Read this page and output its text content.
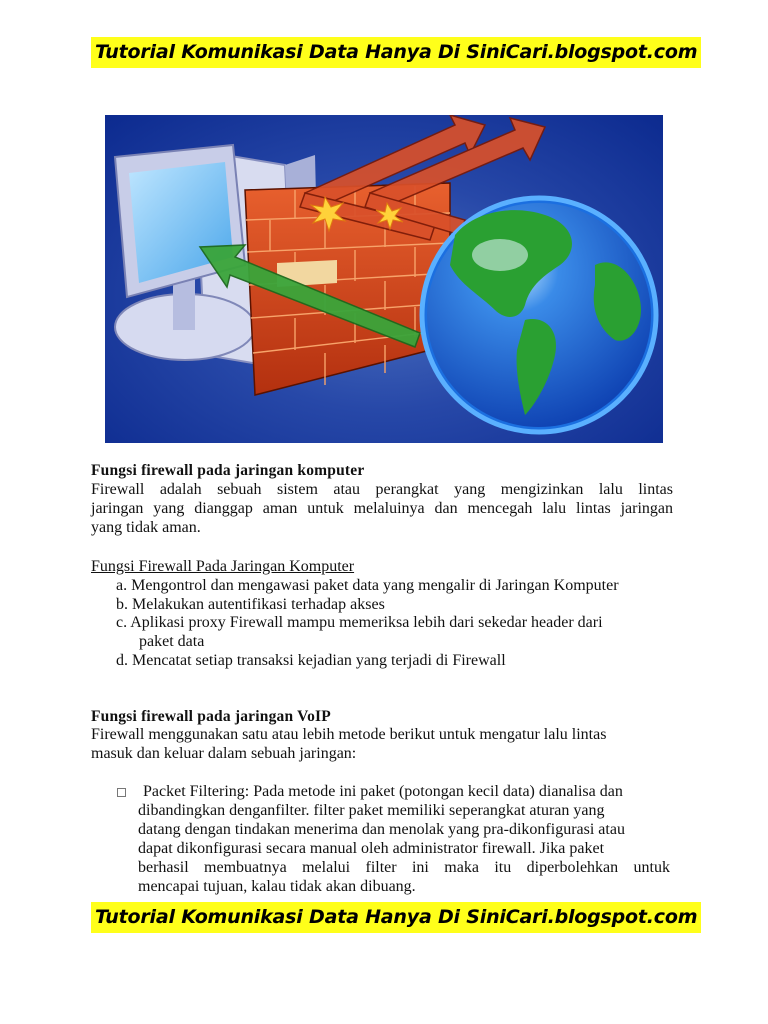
Tutorial Komunikasi Data Hanya Di SiniCari.blogspot.com
Fungsi firewall pada jaringan komputer
Firewall adalah sebuah sistem atau perangkat yang mengizinkan lalu lintas
jaringan yang dianggap aman untuk melaluinya dan mencegah lalu lintas jaringan
yang tidak aman.
Fungsi Firewall Pada Jaringan Komputer
a. Mengontrol dan mengawasi paket data yang mengalir di Jaringan Komputer
b. Melakukan autentifikasi terhadap akses
c. Aplikasi proxy Firewall mampu memeriksa lebih dari sekedar header dari
paket data
d. Mencatat setiap transaksi kejadian yang terjadi di Firewall
Fungsi firewall pada jaringan VoIP
Firewall menggunakan satu atau lebih metode berikut untuk mengatur lalu lintas
masuk dan keluar dalam sebuah jaringan:
Packet Filtering: Pada metode ini paket (potongan kecil data) dianalisa dan
dibandingkan denganfilter. filter paket memiliki seperangkat aturan yang
datang dengan tindakan menerima dan menolak yang pra-dikonfigurasi atau
dapat dikonfigurasi secara manual oleh administrator firewall. Jika paket
berhasil membuatnya melalui filter ini maka itu diperbolehkan untuk
mencapai tujuan, kalau tidak akan dibuang.
Tutorial Komunikasi Data Hanya Di SiniCari.blogspot.com
